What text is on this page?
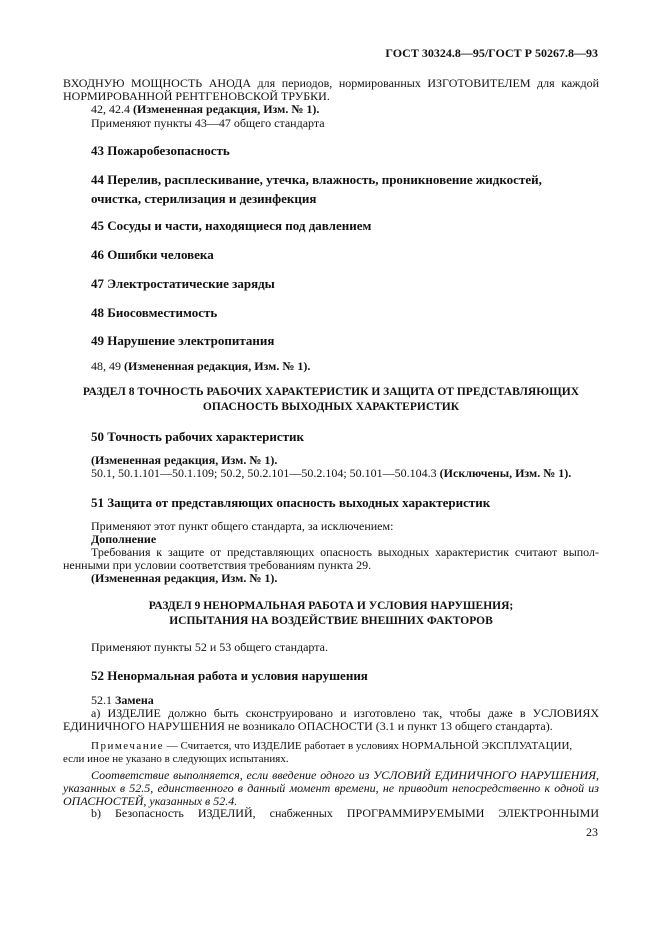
ГОСТ 30324.8—95/ГОСТ Р 50267.8—93
ВХОДНУЮ МОЩНОСТЬ АНОДА для периодов, нормированных ИЗГОТОВИТЕЛЕМ для каждой
НОРМИРОВАННОЙ РЕНТГЕНОВСКОЙ ТРУБКИ.
42, 42.4 (Измененная редакция, Изм. № 1).
Применяют пункты 43—47 общего стандарта
43 Пожаробезопасность
44 Перелив, расплескивание, утечка, влажность, проникновение жидкостей,
очистка, стерилизация и дезинфекция
45 Сосуды и части, находящиеся под давлением
46 Ошибки человека
47 Электростатические заряды
48 Биосовместимость
49 Нарушение электропитания
48, 49 (Измененная редакция, Изм. № 1).
РАЗДЕЛ 8 ТОЧНОСТЬ РАБОЧИХ ХАРАКТЕРИСТИК И ЗАЩИТА ОТ ПРЕДСТАВЛЯЮЩИХ
ОПАСНОСТЬ ВЫХОДНЫХ ХАРАКТЕРИСТИК
50 Точность рабочих характеристик
(Измененная редакция, Изм. № 1).
50.1, 50.1.101—50.1.109; 50.2, 50.2.101—50.2.104; 50.101—50.104.3 (Исключены, Изм. № 1).
51 Защита от представляющих опасность выходных характеристик
Применяют этот пункт общего стандарта, за исключением:
Дополнение
Требования к защите от представляющих опасность выходных характеристик считают выпол-
ненными при условии соответствия требованиям пункта 29.
(Измененная редакция, Изм. № 1).
РАЗДЕЛ 9 НЕНОРМАЛЬНАЯ РАБОТА И УСЛОВИЯ НАРУШЕНИЯ;
ИСПЫТАНИЯ НА ВОЗДЕЙСТВИЕ ВНЕШНИХ ФАКТОРОВ
Применяют пункты 52 и 53 общего стандарта.
52 Ненормальная работа и условия нарушения
52.1 Замена
а) ИЗДЕЛИЕ должно быть сконструировано и изготовлено так, чтобы даже в УСЛОВИЯХ
ЕДИНИЧНОГО НАРУШЕНИЯ не возникало ОПАСНОСТИ (3.1 и пункт 13 общего стандарта).
Примечание — Считается, что ИЗДЕЛИЕ работает в условиях НОРМАЛЬНОЙ ЭКСПЛУАТАЦИИ,
если иное не указано в следующих испытаниях.
Соответствие выполняется, если введение одного из УСЛОВИЙ ЕДИНИЧНОГО НАРУШЕНИЯ,
указанных в 52.5, единственного в данный момент времени, не приводит непосредственно к одной из
ОПАСНОСТЕЙ, указанных в 52.4.
b) Безопасность ИЗДЕЛИЙ, снабженных ПРОГРАММИРУЕМЫМИ ЭЛЕКТРОННЫМИ
23
